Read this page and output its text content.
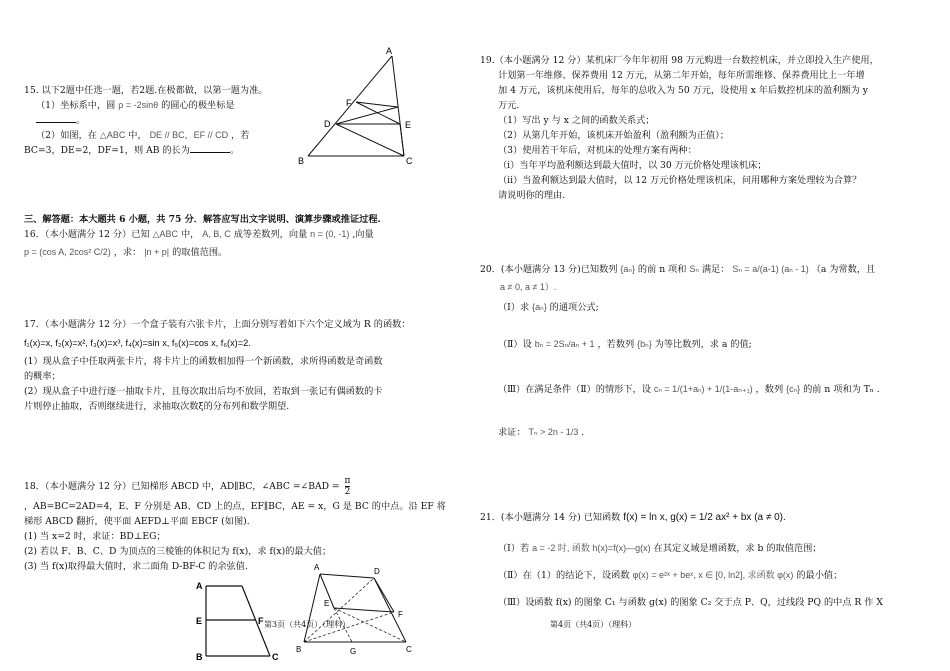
15. 以下2题中任选一题，若2题.在极都做，以第一题为准。
（1）坐标系中，圆 ρ = -2sinθ 的圆心的极坐标是
。
（2）如图，在 △ABC 中， DE // BC，EF // CD ，若
BC=3，DE=2，DF=1，则 AB 的长为	。
A
B	C
D	E
F
三、解答题：本大题共 6 小题，共 75 分．解答应写出文字说明、演算步骤或推证过程.
16．（本小题满分 12 分）已知 △ABC 中， A, B, C 成等差数列，向量 n = (0, -1) ,向量
p = (cos A, 2cos² C/2) ，求： |n + p| 的取值范围。
17．（本小题满分 12 分）一个盒子装有六张卡片，上面分别写着如下六个定义域为 R 的函数：
f₁(x)=x, f₂(x)=x², f₃(x)=x³, f₄(x)=sin x, f₅(x)=cos x, f₆(x)=2.
(1）现从盒子中任取两张卡片，将卡片上的函数相加得一个新函数，求所得函数是奇函数
的概率；
(2）现从盒子中进行逐一抽取卡片，且每次取出后均不放回，若取到一张记有偶函数的卡
片则停止抽取，否则继续进行，求抽取次数ξ的分布列和数学期望.
18．（本小题满分 12 分）已知梯形 ABCD 中，AD∥BC，∠ABC =∠BAD = $\frac{\pi}{2}$
，AB=BC=2AD=4，E、F 分别是 AB、CD 上的点，EF∥BC，AE = x，G 是 BC 的中点。沿 EF 将
梯形 ABCD 翻折，使平面 AEFD⊥平面 EBCF (如图)．
(1) 当 x=2 时，求证：BD⊥EG；
(2) 若以 F、B、C、D 为顶点的三棱锥的体积记为 f(x)，求 f(x)的最大值；
(3) 当 f(x)取得最大值时，求二面角 D-BF-C 的余弦值.
A
E
B
F
C
A	D
E
F
B	C
G
第3页（共4页）（理科）
19.（本小题满分 12 分）某机床厂今年年初用 98 万元购进一台数控机床，并立即投入生产使用，
计划第一年维修、保养费用 12 万元，从第二年开始，每年所需维修、保养费用比上一年增
加 4 万元，该机床使用后，每年的总收入为 50 万元，设使用 x 年后数控机床的盈利额为 y
万元.
（1）写出 y 与 x 之间的函数关系式；
（2）从第几年开始，该机床开始盈利（盈利额为正值）；
（3）使用若干年后，对机床的处理方案有两种：
（i）当年平均盈利额达到最大值时，以 30 万元价格处理该机床；
（ii）当盈利额达到最大值时，以 12 万元价格处理该机床，问用哪种方案处理较为合算？
请说明你的理由.
20．(本小题满分 13 分)已知数列 {aₙ} 的前 n 项和 Sₙ 满足： Sₙ = a/(a-1) (aₙ - 1) （a 为常数，且
a ≠ 0, a ≠ 1）.
（Ⅰ）求 {aₙ} 的通项公式;
（Ⅱ）设 bₙ = 2Sₙ/aₙ + 1 ，若数列 {bₙ} 为等比数列，求 a 的值;
（Ⅲ）在满足条件（Ⅱ）的情形下，设 cₙ = 1/(1+aₙ) + 1/(1-aₙ₊₁) ，数列 {cₙ} 的前 n 项和为 Tₙ .
求证： Tₙ > 2n - 1/3 .
21．(本小题满分 14 分) 已知函数 f(x) = ln x, g(x) = 1/2 ax² + bx (a ≠ 0).
（Ⅰ）若 a = -2 时, 函数 h(x)=f(x)—g(x) 在其定义域是增函数，求 b 的取值范围；
（Ⅱ）在（1）的结论下，设函数 φ(x) = e²ˣ + beˣ, x ∈ [0, ln2], 求函数 φ(x) 的最小值；
（Ⅲ）设函数 f(x) 的图象 C₁ 与函数 g(x) 的图象 C₂ 交于点 P、Q，过线段 PQ 的中点 R 作 X
第4页（共4页）（理科）
